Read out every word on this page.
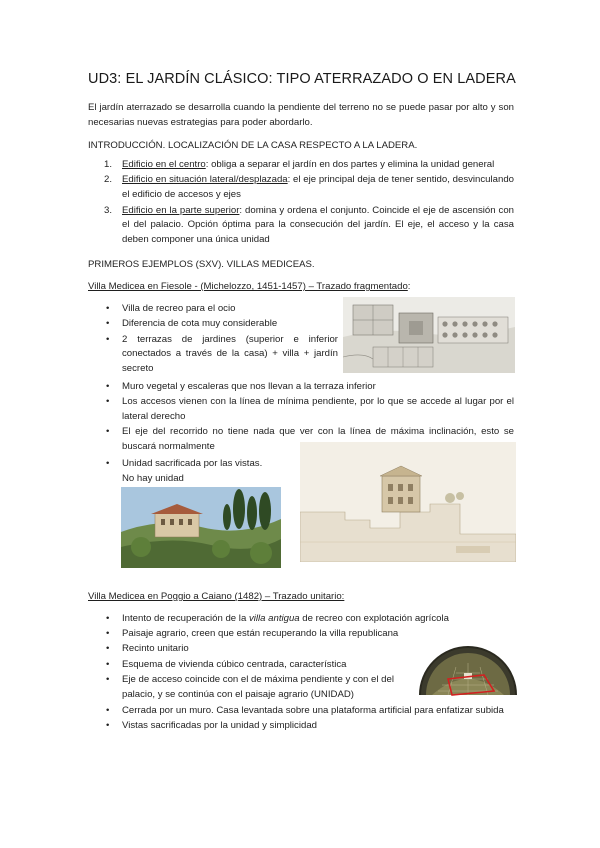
UD3: EL JARDÍN CLÁSICO: TIPO ATERRAZADO O EN LADERA
El jardín aterrazado se desarrolla cuando la pendiente del terreno no se puede pasar por alto y son necesarias nuevas estrategias para poder abordarlo.
INTRODUCCIÓN. LOCALIZACIÓN DE LA CASA RESPECTO A LA LADERA.
1. Edificio en el centro: obliga a separar el jardín en dos partes y elimina la unidad general
2. Edificio en situación lateral/desplazada: el eje principal deja de tener sentido, desvinculando el edificio de accesos y ejes
3. Edificio en la parte superior: domina y ordena el conjunto. Coincide el eje de ascensión con el del palacio. Opción óptima para la consecución del jardín. El eje, el acceso y la casa deben componer una única unidad
PRIMEROS EJEMPLOS (SXV). VILLAS MEDICEAS.
Villa Medicea en Fiesole - (Michelozzo, 1451-1457) – Trazado fragmentado:
• Villa de recreo para el ocio
• Diferencia de cota muy considerable
• 2 terrazas de jardines (superior e inferior conectados a través de la casa) + villa + jardín secreto
• Muro vegetal y escaleras que nos llevan a la terraza inferior
• Los accesos vienen con la línea de mínima pendiente, por lo que se accede al lugar por el lateral derecho
• El eje del recorrido no tiene nada que ver con la línea de máxima inclinación, esto se buscará normalmente
• Unidad sacrificada por las vistas.
No hay unidad
Villa Medicea en Poggio a Caiano (1482) – Trazado unitario:
• Intento de recuperación de la villa antigua de recreo con explotación agrícola
• Paisaje agrario, creen que están recuperando la villa republicana
• Recinto unitario
• Esquema de vivienda cúbico centrada, característica
• Eje de acceso coincide con el de máxima pendiente y con el del palacio, y se continúa con el paisaje agrario (UNIDAD)
• Cerrada por un muro. Casa levantada sobre una plataforma artificial para enfatizar subida
• Vistas sacrificadas por la unidad y simplicidad
